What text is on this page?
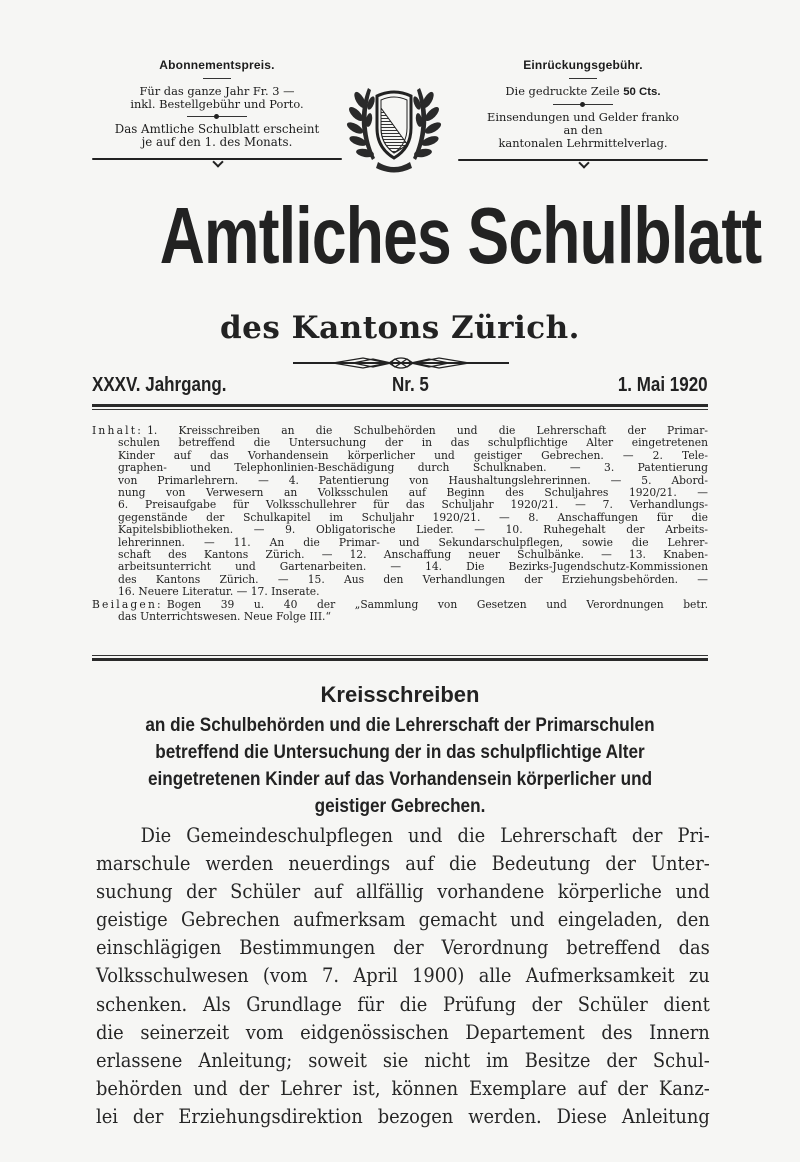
Abonnementspreis.
Für das ganze Jahr Fr. 3 —
inkl. Bestellgebühr und Porto.
Das Amtliche Schulblatt erscheint
je auf den 1. des Monats.
Einrückungsgebühr.
Die gedruckte Zeile 50 Cts.
Einsendungen und Gelder franko
an den
kantonalen Lehrmittelverlag.
Amtliches Schulblatt
des Kantons Zürich.
XXXV. Jahrgang.	Nr. 5	1. Mai 1920
Inhalt: 1. Kreisschreiben an die Schulbehörden und die Lehrerschaft der Primar-
schulen betreffend die Untersuchung der in das schulpflichtige Alter eingetretenen
Kinder auf das Vorhandensein körperlicher und geistiger Gebrechen. — 2. Tele-
graphen- und Telephonlinien-Beschädigung durch Schulknaben. — 3. Patentierung
von Primarlehrern. — 4. Patentierung von Haushaltungslehrerinnen. — 5. Abord-
nung von Verwesern an Volksschulen auf Beginn des Schuljahres 1920/21. —
6. Preisaufgabe für Volksschullehrer für das Schuljahr 1920/21. — 7. Verhandlungs-
gegenstände der Schulkapitel im Schuljahr 1920/21. — 8. Anschaffungen für die
Kapitelsbibliotheken. — 9. Obligatorische Lieder. — 10. Ruhegehalt der Arbeits-
lehrerinnen. — 11. An die Primar- und Sekundarschulpflegen, sowie die Lehrer-
schaft des Kantons Zürich. — 12. Anschaffung neuer Schulbänke. — 13. Knaben-
arbeitsunterricht und Gartenarbeiten. — 14. Die Bezirks-Jugendschutz-Kommissionen
des Kantons Zürich. — 15. Aus den Verhandlungen der Erziehungsbehörden. —
16. Neuere Literatur. — 17. Inserate.
Beilagen: Bogen 39 u. 40 der „Sammlung von Gesetzen und Verordnungen betr.
das Unterrichtswesen. Neue Folge III.“
Kreisschreiben
an die Schulbehörden und die Lehrerschaft der Primarschulen
betreffend die Untersuchung der in das schulpflichtige Alter
eingetretenen Kinder auf das Vorhandensein körperlicher und
geistiger Gebrechen.
Die Gemeindeschulpflegen und die Lehrerschaft der Pri-
marschule werden neuerdings auf die Bedeutung der Unter-
suchung der Schüler auf allfällig vorhandene körperliche und
geistige Gebrechen aufmerksam gemacht und eingeladen, den
einschlägigen Bestimmungen der Verordnung betreffend das
Volksschulwesen (vom 7. April 1900) alle Aufmerksamkeit zu
schenken. Als Grundlage für die Prüfung der Schüler dient
die seinerzeit vom eidgenössischen Departement des Innern
erlassene Anleitung; soweit sie nicht im Besitze der Schul-
behörden und der Lehrer ist, können Exemplare auf der Kanz-
lei der Erziehungsdirektion bezogen werden. Diese Anleitung
